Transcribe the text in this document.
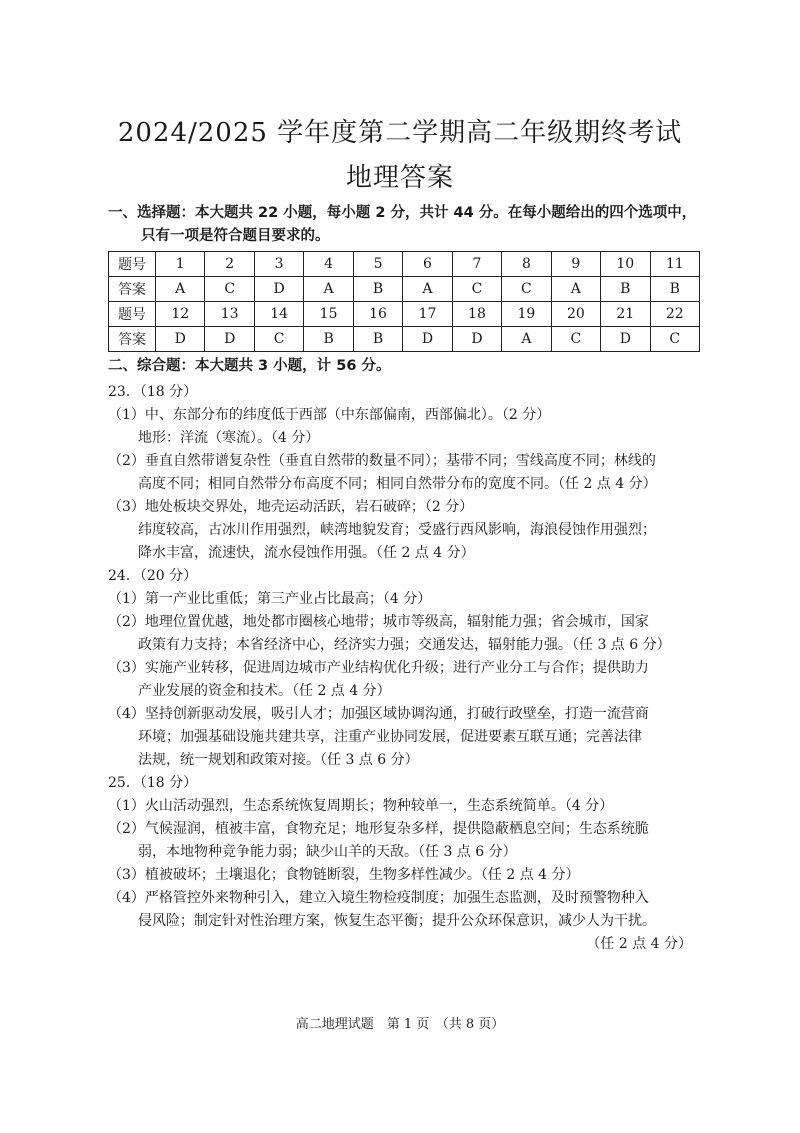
2024/2025 学年度第二学期高二年级期终考试
地理答案
一、选择题：本大题共 22 小题，每小题 2 分，共计 44 分。在每小题给出的四个选项中，
只有一项是符合题目要求的。
题号	1	2	3	4	5	6	7	8	9	10	11
答案	A	C	D	A	B	A	C	C	A	B	B
题号	12	13	14	15	16	17	18	19	20	21	22
答案	D	D	C	B	B	D	D	A	C	D	C
二、综合题：本大题共 3 小题，计 56 分。
23．（18 分）
（1）中、东部分布的纬度低于西部（中东部偏南，西部偏北）。（2 分）
地形：洋流（寒流）。（4 分）
（2）垂直自然带谱复杂性（垂直自然带的数量不同）；基带不同；雪线高度不同；林线的
高度不同；相同自然带分布高度不同；相同自然带分布的宽度不同。（任 2 点 4 分）
（3）地处板块交界处，地壳运动活跃，岩石破碎；（2 分）
纬度较高，古冰川作用强烈，峡湾地貌发育；受盛行西风影响，海浪侵蚀作用强烈；
降水丰富，流速快，流水侵蚀作用强。（任 2 点 4 分）
24．（20 分）
（1）第一产业比重低；第三产业占比最高；（4 分）
（2）地理位置优越，地处都市圈核心地带；城市等级高，辐射能力强；省会城市，国家
政策有力支持；本省经济中心，经济实力强；交通发达，辐射能力强。（任 3 点 6 分）
（3）实施产业转移，促进周边城市产业结构优化升级；进行产业分工与合作；提供助力
产业发展的资金和技术。（任 2 点 4 分）
（4）坚持创新驱动发展，吸引人才；加强区域协调沟通，打破行政壁垒，打造一流营商
环境；加强基础设施共建共享，注重产业协同发展，促进要素互联互通；完善法律
法规，统一规划和政策对接。（任 3 点 6 分）
25．（18 分）
（1）火山活动强烈，生态系统恢复周期长；物种较单一，生态系统简单。（4 分）
（2）气候湿润，植被丰富，食物充足；地形复杂多样，提供隐蔽栖息空间；生态系统脆
弱，本地物种竞争能力弱；缺少山羊的天敌。（任 3 点 6 分）
（3）植被破坏；土壤退化；食物链断裂，生物多样性减少。（任 2 点 4 分）
（4）严格管控外来物种引入，建立入境生物检疫制度；加强生态监测，及时预警物种入
侵风险；制定针对性治理方案，恢复生态平衡；提升公众环保意识，减少人为干扰。
（任 2 点 4 分）
高二地理试题　第 1 页　（共 8 页）
